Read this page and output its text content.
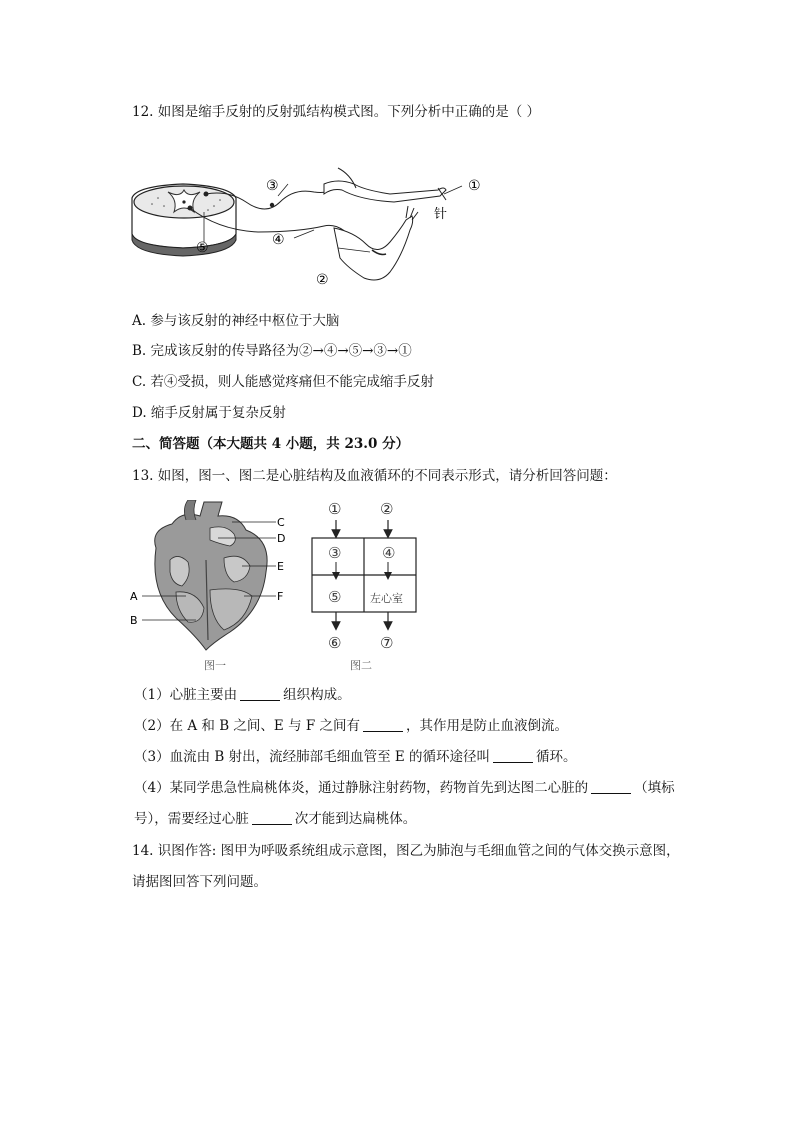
12. 如图是缩手反射的反射弧结构模式图。下列分析中正确的是（ ）
③
④
①
针
②
⑤
A. 参与该反射的神经中枢位于大脑
B. 完成该反射的传导路径为②→④→⑤→③→①
C. 若④受损，则人能感觉疼痛但不能完成缩手反射
D. 缩手反射属于复杂反射
二、简答题（本大题共 4 小题，共 23.0 分）
13. 如图，图一、图二是心脏结构及血液循环的不同表示形式，请分析回答问题：
C
D
E
F
A
B
图一
①	②
③	④
⑤	左心室
⑥	⑦
图二
（1）心脏主要由	组织构成。
（2）在 A 和 B 之间、E 与 F 之间有	，其作用是防止血液倒流。
（3）血流由 B 射出，流经肺部毛细血管至 E 的循环途径叫	循环。
（4）某同学患急性扁桃体炎，通过静脉注射药物，药物首先到达图二心脏的	（填标
号），需要经过心脏	次才能到达扁桃体。
14. 识图作答: 图甲为呼吸系统组成示意图，图乙为肺泡与毛细血管之间的气体交换示意图，
请据图回答下列问题。
